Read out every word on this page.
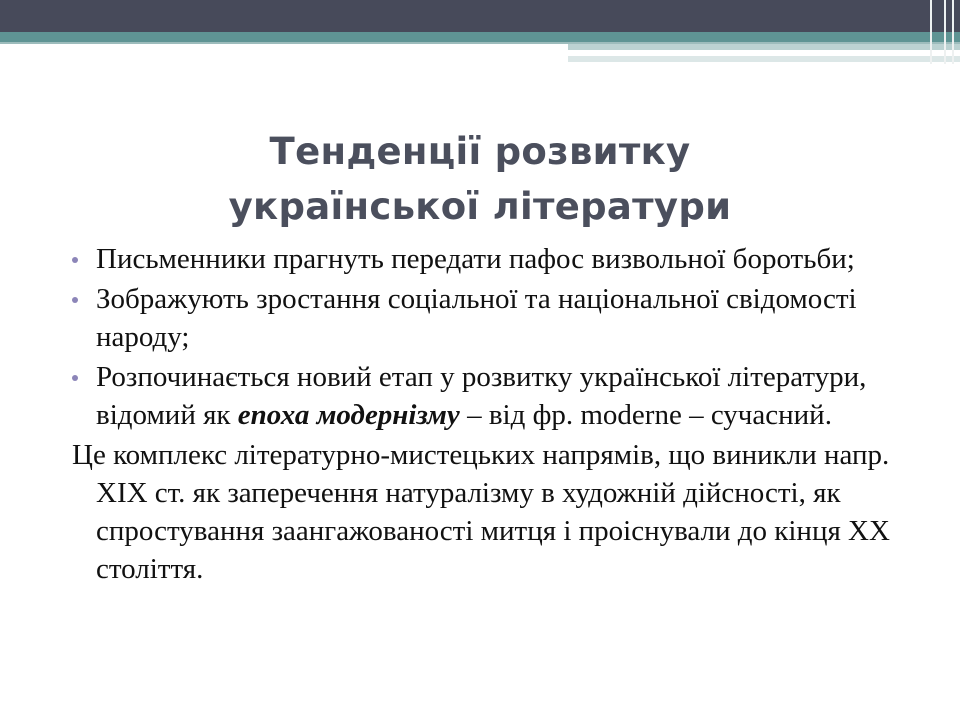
Тенденції розвитку
української літератури
Письменники прагнуть передати пафос визвольної боротьби;
Зображують зростання соціальної та національної свідомості народу;
Розпочинається новий етап у розвитку української літератури, відомий як епоха модернізму – від фр. moderne – сучасний.
Це комплекс літературно-мистецьких напрямів, що виникли напр. XIX ст. як заперечення натуралізму в художній дійсності, як спростування заангажованості митця і проіснували до кінця ХХ століття.
